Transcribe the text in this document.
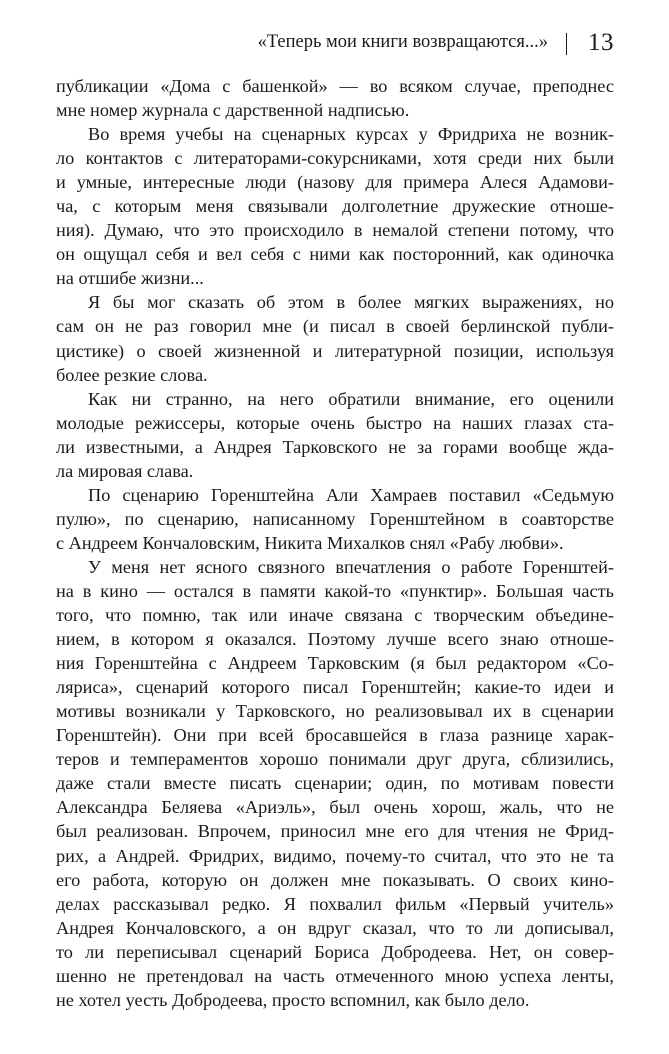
«Теперь мои книги возвращаются...» 13
публикации «Дома с башенкой» — во всяком случае, преподнес
мне номер журнала с дарственной надписью.
Во время учебы на сценарных курсах у Фридриха не возник-
ло контактов с литераторами-сокурсниками, хотя среди них были
и умные, интересные люди (назову для примера Алеся Адамови-
ча, с которым меня связывали долголетние дружеские отноше-
ния). Думаю, что это происходило в немалой степени потому, что
он ощущал себя и вел себя с ними как посторонний, как одиночка
на отшибе жизни...
Я бы мог сказать об этом в более мягких выражениях, но
сам он не раз говорил мне (и писал в своей берлинской публи-
цистике) о своей жизненной и литературной позиции, используя
более резкие слова.
Как ни странно, на него обратили внимание, его оценили
молодые режиссеры, которые очень быстро на наших глазах ста-
ли известными, а Андрея Тарковского не за горами вообще ждa-
ла мировая слава.
По сценарию Горенштейна Али Хамраев поставил «Седьмую
пулю», по сценарию, написанному Горенштейном в соавторстве
с Андреем Кончаловским, Никита Михалков снял «Рабу любви».
У меня нет ясного связного впечатления о работе Горенштей-
на в кино — остался в памяти какой-то «пунктир». Большая часть
того, что помню, так или иначе связана с творческим объедине-
нием, в котором я оказался. Поэтому лучше всего знаю отноше-
ния Горенштейна с Андреем Тарковским (я был редактором «Со-
ляриса», сценарий которого писал Горенштейн; какие-то идеи и
мотивы возникали у Тарковского, но реализовывал их в сценарии
Горенштейн). Они при всей бросавшейся в глаза разнице харак-
теров и темпераментов хорошо понимали друг друга, сблизились,
даже стали вместе писать сценарии; один, по мотивам повести
Александра Беляева «Ариэль», был очень хорош, жаль, что не
был реализован. Впрочем, приносил мне его для чтения не Фрид-
рих, а Андрей. Фридрих, видимо, почему-то считал, что это не та
его работа, которую он должен мне показывать. О своих кино-
делах рассказывал редко. Я похвалил фильм «Первый учитель»
Андрея Кончаловского, а он вдруг сказал, что то ли дописывал,
то ли переписывал сценарий Бориса Добродеева. Нет, он совер-
шенно не претендовал на часть отмеченного мною успеха ленты,
не хотел уесть Добродеева, просто вспомнил, как было дело.
